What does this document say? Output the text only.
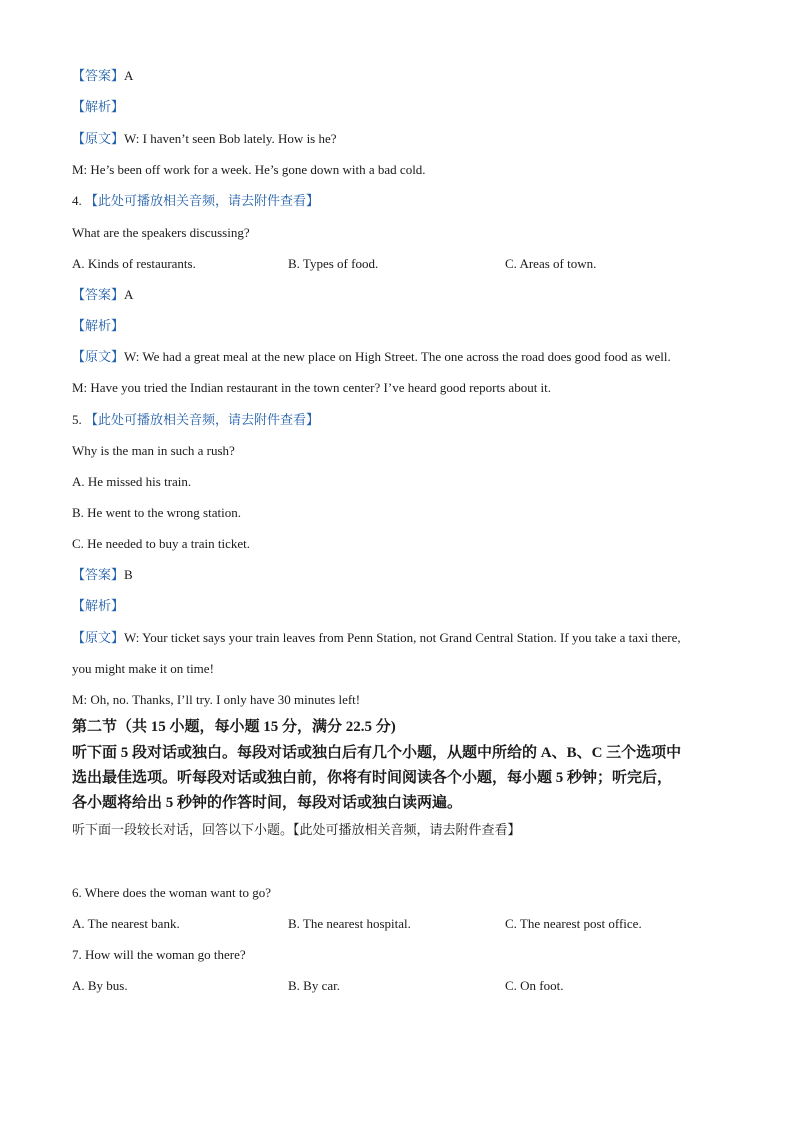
【答案】A
【解析】
【原文】W: I haven’t seen Bob lately. How is he?
M: He’s been off work for a week. He’s gone down with a bad cold.
4. 【此处可播放相关音频，请去附件查看】
What are the speakers discussing?
A. Kinds of restaurants.	B. Types of food.	C. Areas of town.
【答案】A
【解析】
【原文】W: We had a great meal at the new place on High Street. The one across the road does good food as well.
M: Have you tried the Indian restaurant in the town center? I’ve heard good reports about it.
5. 【此处可播放相关音频，请去附件查看】
Why is the man in such a rush?
A. He missed his train.
B. He went to the wrong station.
C. He needed to buy a train ticket.
【答案】B
【解析】
【原文】W: Your ticket says your train leaves from Penn Station, not Grand Central Station. If you take a taxi there,
you might make it on time!
M: Oh, no. Thanks, I’ll try. I only have 30 minutes left!
第二节（共 15 小题，每小题 15 分，满分 22.5 分)
听下面 5 段对话或独白。每段对话或独白后有几个小题，从题中所给的 A、B、C 三个选项中
选出最佳选项。听每段对话或独白前，你将有时间阅读各个小题，每小题 5 秒钟；听完后，
各小题将给出 5 秒钟的作答时间，每段对话或独白读两遍。
听下面一段较长对话，回答以下小题。【此处可播放相关音频，请去附件查看】
6. Where does the woman want to go?
A. The nearest bank.	B. The nearest hospital.	C. The nearest post office.
7. How will the woman go there?
A. By bus.	B. By car.	C. On foot.
